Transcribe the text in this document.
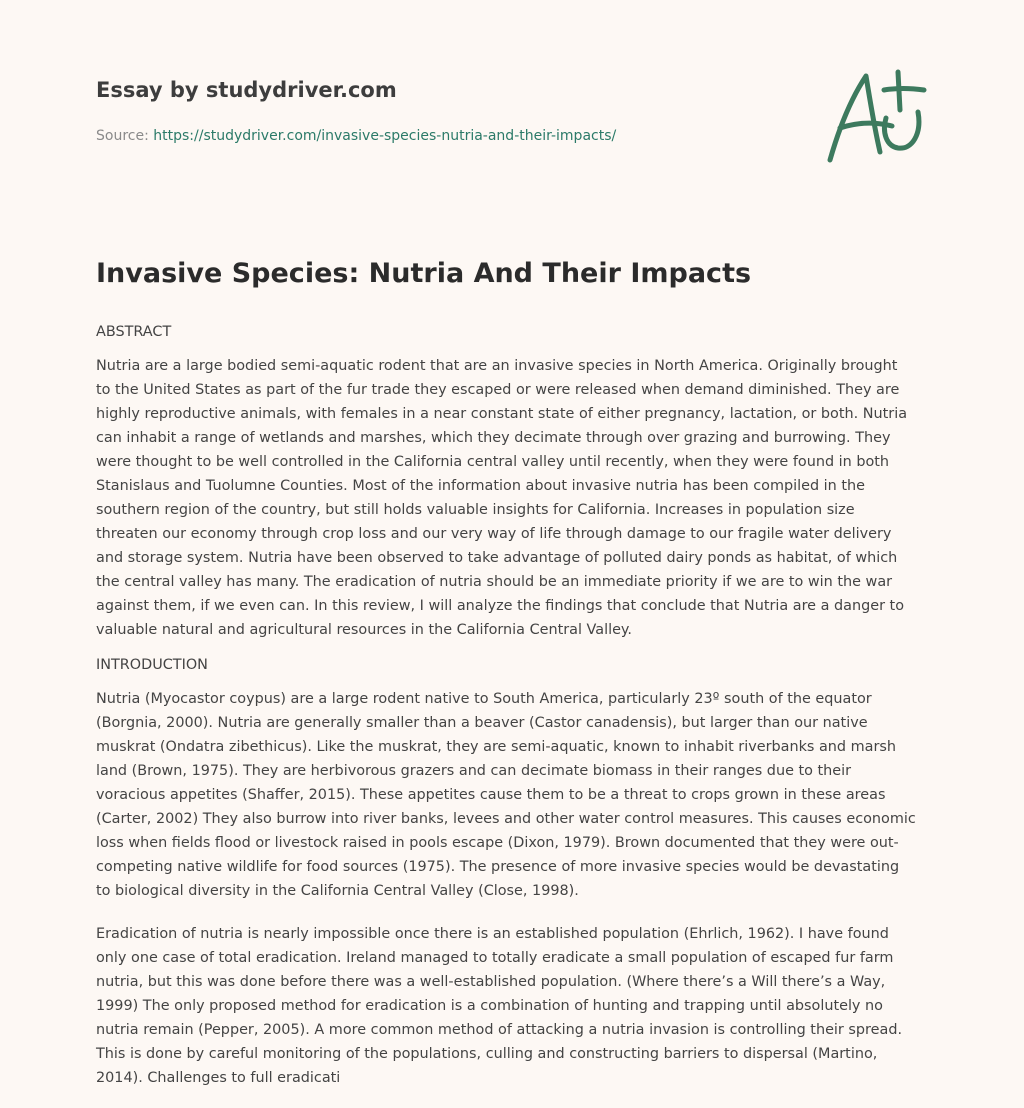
Essay by studydriver.com
Source: https://studydriver.com/invasive-species-nutria-and-their-impacts/
Invasive Species: Nutria And Their Impacts
ABSTRACT
Nutria are a large bodied semi-aquatic rodent that are an invasive species in North America. Originally brought
to the United States as part of the fur trade they escaped or were released when demand diminished. They are
highly reproductive animals, with females in a near constant state of either pregnancy, lactation, or both. Nutria
can inhabit a range of wetlands and marshes, which they decimate through over grazing and burrowing. They
were thought to be well controlled in the California central valley until recently, when they were found in both
Stanislaus and Tuolumne Counties. Most of the information about invasive nutria has been compiled in the
southern region of the country, but still holds valuable insights for California. Increases in population size
threaten our economy through crop loss and our very way of life through damage to our fragile water delivery
and storage system. Nutria have been observed to take advantage of polluted dairy ponds as habitat, of which
the central valley has many. The eradication of nutria should be an immediate priority if we are to win the war
against them, if we even can. In this review, I will analyze the findings that conclude that Nutria are a danger to
valuable natural and agricultural resources in the California Central Valley.
INTRODUCTION
Nutria (Myocastor coypus) are a large rodent native to South America, particularly 23º south of the equator
(Borgnia, 2000). Nutria are generally smaller than a beaver (Castor canadensis), but larger than our native
muskrat (Ondatra zibethicus). Like the muskrat, they are semi-aquatic, known to inhabit riverbanks and marsh
land (Brown, 1975). They are herbivorous grazers and can decimate biomass in their ranges due to their
voracious appetites (Shaffer, 2015). These appetites cause them to be a threat to crops grown in these areas
(Carter, 2002) They also burrow into river banks, levees and other water control measures. This causes economic
loss when fields flood or livestock raised in pools escape (Dixon, 1979). Brown documented that they were out-
competing native wildlife for food sources (1975). The presence of more invasive species would be devastating
to biological diversity in the California Central Valley (Close, 1998).
Eradication of nutria is nearly impossible once there is an established population (Ehrlich, 1962). I have found
only one case of total eradication. Ireland managed to totally eradicate a small population of escaped fur farm
nutria, but this was done before there was a well-established population. (Where there’s a Will there’s a Way,
1999) The only proposed method for eradication is a combination of hunting and trapping until absolutely no
nutria remain (Pepper, 2005). A more common method of attacking a nutria invasion is controlling their spread.
This is done by careful monitoring of the populations, culling and constructing barriers to dispersal (Martino,
2014). Challenges to full eradicati
